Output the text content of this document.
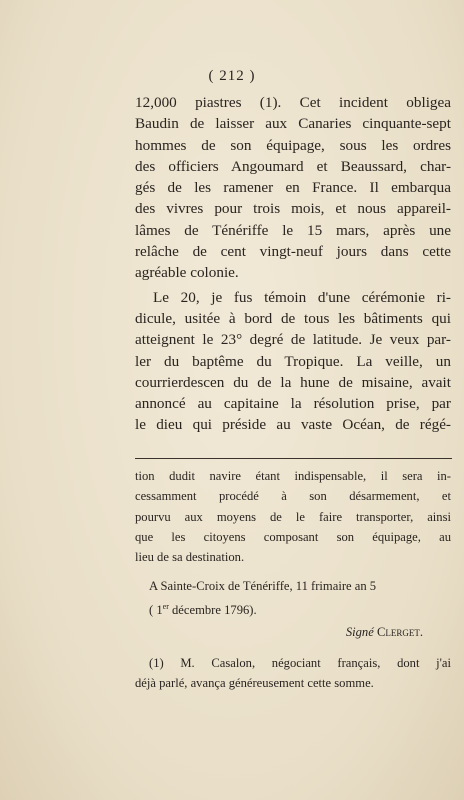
( 212 )

12,000 piastres (1). Cet incident obligea
Baudin de laisser aux Canaries cinquante-sept
hommes de son équipage, sous les ordres
des officiers Angoumard et Beaussard, char-
gés de les ramener en France. Il embarqua
des vivres pour trois mois, et nous appareil-
lâmes de Ténériffe le 15 mars, après une
relâche de cent vingt-neuf jours dans cette
agréable colonie.

Le 20, je fus témoin d'une cérémonie ri-
dicule, usitée à bord de tous les bâtiments qui
atteignent le 23° degré de latitude. Je veux par-
ler du baptême du Tropique. La veille, un
courrierdescen du de la hune de misaine, avait
annoncé au capitaine la résolution prise, par
le dieu qui préside au vaste Océan, de régé-

tion dudit navire étant indispensable, il sera in-
cessamment procédé à son désarmement, et
pourvu aux moyens de le faire transporter, ainsi
que les citoyens composant son équipage, au
lieu de sa destination.
A Sainte-Croix de Ténériffe, 11 frimaire an 5
( 1er décembre 1796).
Signé Clerget.
(1) M. Casalon, négociant français, dont j'ai
déjà parlé, avança généreusement cette somme.
